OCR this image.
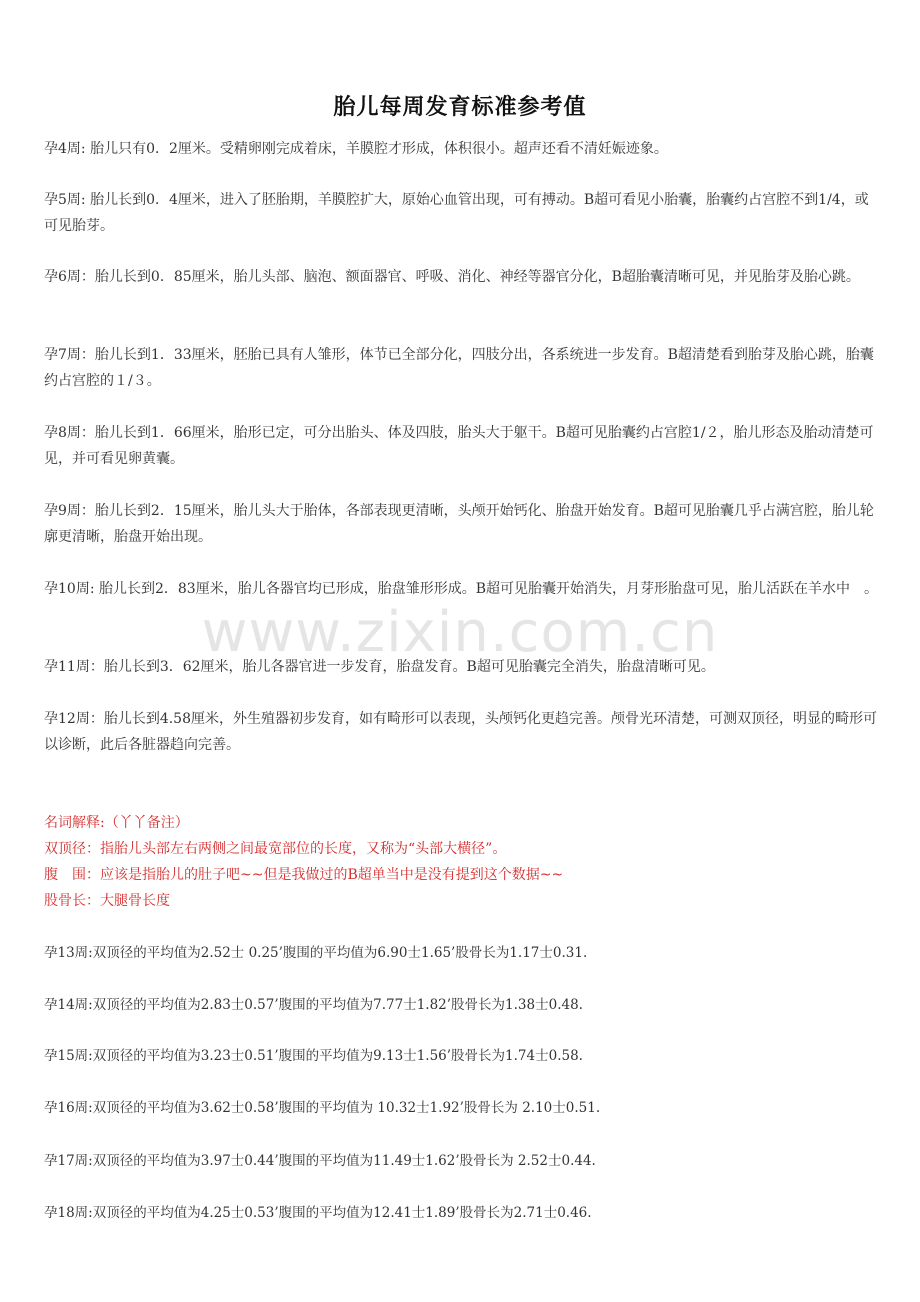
胎儿每周发育标准参考值
孕4周: 胎儿只有0．2厘米。受精卵刚完成着床，羊膜腔才形成，体积很小。超声还看不清妊娠迹象。
孕5周: 胎儿长到0．4厘米，进入了胚胎期，羊膜腔扩大，原始心血管出现，可有搏动。B超可看见小胎囊，胎囊约占宫腔不到1/4，或可见胎芽。
孕6周：胎儿长到0．85厘米，胎儿头部、脑泡、额面器官、呼吸、消化、神经等器官分化，B超胎囊清晰可见，并见胎芽及胎心跳。
孕7周：胎儿长到1．33厘米，胚胎已具有人雏形，体节已全部分化，四肢分出，各系统进一步发育。B超清楚看到胎芽及胎心跳，胎囊约占宫腔的１/３。
孕8周：胎儿长到1．66厘米，胎形已定，可分出胎头、体及四肢，胎头大于躯干。B超可见胎囊约占宫腔1/２，胎儿形态及胎动清楚可见，并可看见卵黄囊。
孕9周：胎儿长到2．15厘米，胎儿头大于胎体，各部表现更清晰，头颅开始钙化、胎盘开始发育。B超可见胎囊几乎占满宫腔，胎儿轮廓更清晰，胎盘开始出现。
孕10周: 胎儿长到2．83厘米，胎儿各器官均已形成，胎盘雏形形成。B超可见胎囊开始消失，月芽形胎盘可见，胎儿活跃在羊水中　。
孕11周：胎儿长到3．62厘米，胎儿各器官进一步发育，胎盘发育。B超可见胎囊完全消失，胎盘清晰可见。
孕12周：胎儿长到4.58厘米，外生殖器初步发育，如有畸形可以表现，头颅钙化更趋完善。颅骨光环清楚，可测双顶径，明显的畸形可以诊断，此后各脏器趋向完善。
名词解释:（丫丫备注）
双顶径：指胎儿头部左右两侧之间最宽部位的长度，又称为“头部大横径”。
腹　围：应该是指胎儿的肚子吧~~但是我做过的B超单当中是没有提到这个数据~~
股骨长：大腿骨长度
孕13周:双顶径的平均值为2.52士 0.25’腹围的平均值为6.90士1.65’股骨长为1.17士0.31.
孕14周:双顶径的平均值为2.83士0.57’腹围的平均值为7.77士1.82’股骨长为1.38士0.48.
孕15周:双顶径的平均值为3.23士0.51’腹围的平均值为9.13士1.56’股骨长为1.74士0.58.
孕16周:双顶径的平均值为3.62士0.58’腹围的平均值为 10.32士1.92’股骨长为 2.10士0.51.
孕17周:双顶径的平均值为3.97士0.44’腹围的平均值为11.49士1.62’股骨长为 2.52士0.44.
孕18周:双顶径的平均值为4.25士0.53’腹围的平均值为12.41士1.89’股骨长为2.71士0.46.
www.zixin.com.cn
